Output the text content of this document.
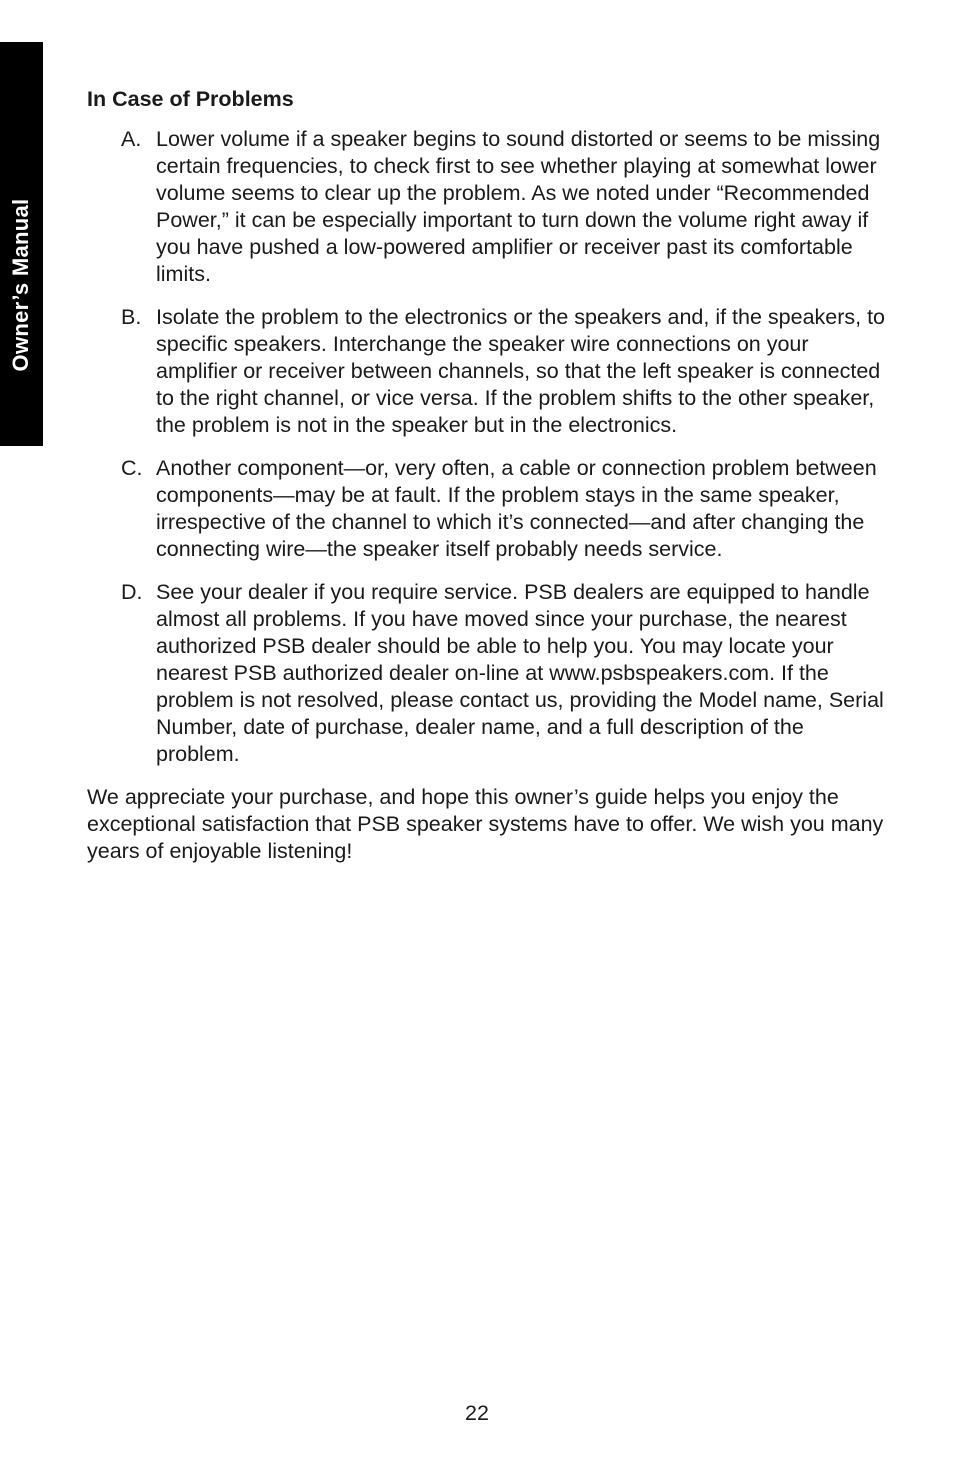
Owner’s Manual
In Case of Problems
A. Lower volume if a speaker begins to sound distorted or seems to be missing certain frequencies, to check first to see whether playing at somewhat lower volume seems to clear up the problem. As we noted under “Recommended Power,” it can be especially important to turn down the volume right away if you have pushed a low-powered amplifier or receiver past its comfortable limits.
B. Isolate the problem to the electronics or the speakers and, if the speakers, to specific speakers. Interchange the speaker wire connections on your amplifier or receiver between channels, so that the left speaker is connected to the right channel, or vice versa. If the problem shifts to the other speaker, the problem is not in the speaker but in the electronics.
C. Another component—or, very often, a cable or connection problem between components—may be at fault. If the problem stays in the same speaker, irrespective of the channel to which it’s connected—and after changing the connecting wire—the speaker itself probably needs service.
D. See your dealer if you require service. PSB dealers are equipped to handle almost all problems. If you have moved since your purchase, the nearest authorized PSB dealer should be able to help you. You may locate your nearest PSB authorized dealer on-line at www.psbspeakers.com. If the problem is not resolved, please contact us, providing the Model name, Serial Number, date of purchase, dealer name, and a full description of the problem.

We appreciate your purchase, and hope this owner’s guide helps you enjoy the exceptional satisfaction that PSB speaker systems have to offer. We wish you many years of enjoyable listening!

22
